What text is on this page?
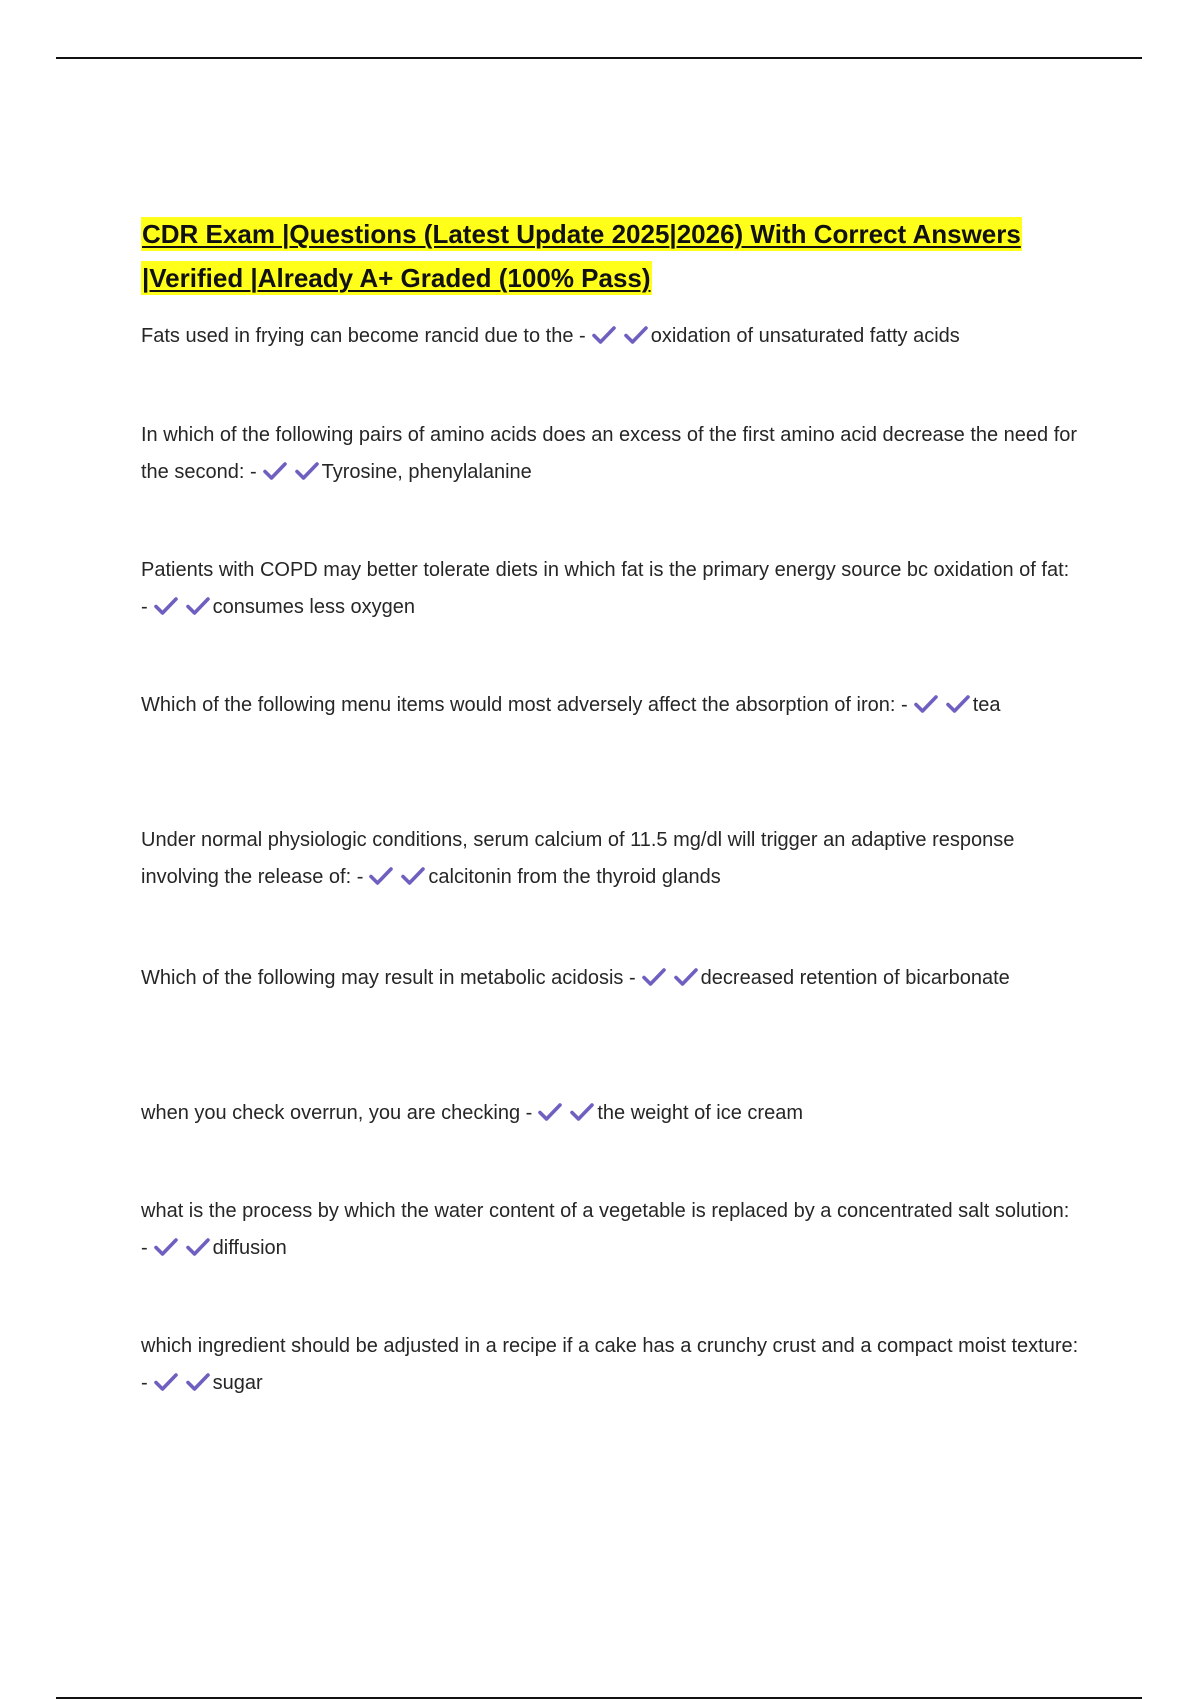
CDR Exam |Questions (Latest Update 2025|2026) With Correct Answers |Verified |Already A+ Graded (100% Pass)

Fats used in frying can become rancid due to the -	oxidation of unsaturated fatty acids

In which of the following pairs of amino acids does an excess of the first amino acid decrease the need for the second: -	Tyrosine, phenylalanine

Patients with COPD may better tolerate diets in which fat is the primary energy source bc oxidation of fat: -	consumes less oxygen

Which of the following menu items would most adversely affect the absorption of iron: -	tea

Under normal physiologic conditions, serum calcium of 11.5 mg/dl will trigger an adaptive response involving the release of: -	calcitonin from the thyroid glands

Which of the following may result in metabolic acidosis -	decreased retention of bicarbonate

when you check overrun, you are checking -	the weight of ice cream

what is the process by which the water content of a vegetable is replaced by a concentrated salt solution: -	diffusion

which ingredient should be adjusted in a recipe if a cake has a crunchy crust and a compact moist texture: -	sugar
